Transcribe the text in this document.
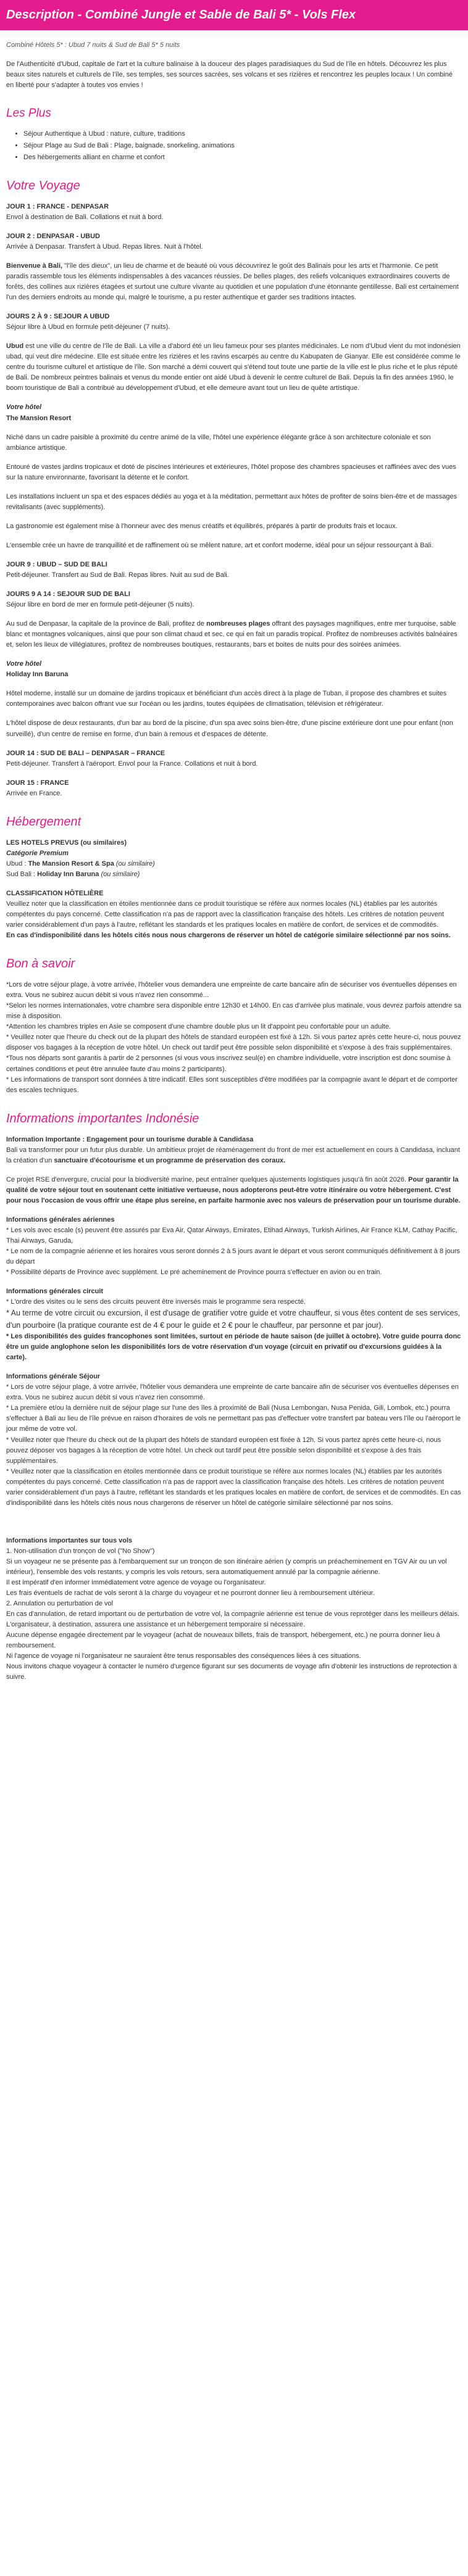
Description - Combiné Jungle et Sable de Bali 5* - Vols Flex

Combiné Hôtels 5* : Ubud 7 nuits & Sud de Bali 5* 5 nuits

De l'Authenticité d'Ubud, capitale de l'art et la culture balinaise à la douceur des plages paradisiaques du Sud de l'île en hôtels. Découvrez les plus beaux sites naturels et culturels de l'île, ses temples, ses sources sacrées, ses volcans et ses rizières et rencontrez les peuples locaux ! Un combiné en liberté pour s'adapter à toutes vos envies !

Les Plus
• Séjour Authentique à Ubud : nature, culture, traditions
• Séjour Plage au Sud de Bali : Plage, baignade, snorkeling, animations
• Des hébergements alliant en charme et confort
Votre Voyage

JOUR 1 : FRANCE - DENPASAR

Envol à destination de Bali. Collations et nuit à bord.

JOUR 2 : DENPASAR - UBUD

Arrivée à Denpasar. Transfert à Ubud. Repas libres. Nuit à l'hôtel.

Bienvenue à Bali, "l'île des dieux", un lieu de charme et de beauté où vous découvrirez le goût des Balinais pour les arts et l'harmonie. Ce petit paradis rassemble tous les éléments indispensables à des vacances réussies. De belles plages, des reliefs volcaniques extraordinaires couverts de forêts, des collines aux rizières étagées et surtout une culture vivante au quotidien et une population d'une étonnante gentillesse. Bali est certainement l'un des derniers endroits au monde qui, malgré le tourisme, a pu rester authentique et garder ses traditions intactes.

JOURS 2 À 9 : SEJOUR A UBUD

Séjour libre à Ubud en formule petit-déjeuner (7 nuits).

Ubud est une ville du centre de l'île de Bali. La ville a d'abord été un lieu fameux pour ses plantes médicinales. Le nom d'Ubud vient du mot indonésien ubad, qui veut dire médecine. Elle est située entre les rizières et les ravins escarpés au centre du Kabupaten de Gianyar. Elle est considérée comme le centre du tourisme culturel et artistique de l'île. Son marché a démi couvert qui s'étend tout toute une partie de la ville est le plus riche et le plus réputé de Bali. De nombreux peintres balinais et venus du monde entier ont aidé Ubud à devenir le centre culturel de Bali. Depuis la fin des années 1960, le boom touristique de Bali a contribué au développement d'Ubud, et elle demeure avant tout un lieu de quête artistique.

Votre hôtel

The Mansion Resort

Niché dans un cadre paisible à proximité du centre animé de la ville, l'hôtel une expérience élégante grâce à son architecture coloniale et son ambiance artistique.

Entouré de vastes jardins tropicaux et doté de piscines intérieures et extérieures, l'hôtel propose des chambres spacieuses et raffinées avec des vues sur la nature environnante, favorisant la détente et le confort.

Les installations incluent un spa et des espaces dédiés au yoga et à la méditation, permettant aux hôtes de profiter de soins bien-être et de massages revitalisants (avec suppléments).

La gastronomie est également mise à l'honneur avec des menus créatifs et équilibrés, préparés à partir de produits frais et locaux.

L'ensemble crée un havre de tranquillité et de raffinement où se mêlent nature, art et confort moderne, idéal pour un séjour ressourçant à Bali.

JOUR 9 : UBUD – SUD DE BALI

Petit-déjeuner. Transfert au Sud de Bali. Repas libres. Nuit au sud de Bali.

JOURS 9 A 14 : SEJOUR SUD DE BALI

Séjour libre en bord de mer en formule petit-déjeuner (5 nuits).

Au sud de Denpasar, la capitale de la province de Bali, profitez de nombreuses plages offrant des paysages magnifiques, entre mer turquoise, sable blanc et montagnes volcaniques, ainsi que pour son climat chaud et sec, ce qui en fait un paradis tropical. Profitez de nombreuses activités balnéaires et, selon les lieux de villégiatures, profitez de nombreuses boutiques, restaurants, bars et boites de nuits pour des soirées animées.

Votre hôtel

Holiday Inn Baruna

Hôtel moderne, installé sur un domaine de jardins tropicaux et bénéficiant d'un accès direct à la plage de Tuban, il propose des chambres et suites contemporaines avec balcon offrant vue sur l'océan ou les jardins, toutes équipées de climatisation, télévision et réfrigérateur.

L'hôtel dispose de deux restaurants, d'un bar au bord de la piscine, d'un spa avec soins bien-être, d'une piscine extérieure dont une pour enfant (non surveillé), d'un centre de remise en forme, d'un bain à remous et d'espaces de détente.

JOUR 14 : SUD DE BALI – DENPASAR – FRANCE

Petit-déjeuner. Transfert à l'aéroport. Envol pour la France. Collations et nuit à bord.

JOUR 15 : FRANCE

Arrivée en France.

Hébergement

LES HOTELS PREVUS (ou similaires)

Catégorie Premium

Ubud : The Mansion Resort & Spa (ou similaire)

Sud Bali : Holiday Inn Baruna (ou similaire)

CLASSIFICATION HÔTELIÈRE

Veuillez noter que la classification en étoiles mentionnée dans ce produit touristique se réfère aux normes locales (NL) établies par les autorités compétentes du pays concerné. Cette classification n'a pas de rapport avec la classification française des hôtels. Les critères de notation peuvent varier considérablement d'un pays à l'autre, reflétant les standards et les pratiques locales en matière de confort, de services et de commodités.
En cas d'indisponibilité dans les hôtels cités nous nous chargerons de réserver un hôtel de catégorie similaire sélectionné par nos soins.

Bon à savoir

*Lors de votre séjour plage, à votre arrivée, l'hôtelier vous demandera une empreinte de carte bancaire afin de sécuriser vos éventuelles dépenses en extra. Vous ne subirez aucun débit si vous n'avez rien consommé...

*Selon les normes internationales, votre chambre sera disponible entre 12h30 et 14h00. En cas d'arrivée plus matinale, vous devrez parfois attendre sa mise à disposition.

*Attention les chambres triples en Asie se composent d'une chambre double plus un lit d'appoint peu confortable pour un adulte.

* Veuillez noter que l'heure du check out de la plupart des hôtels de standard européen est fixé à 12h. Si vous partez après cette heure-ci, nous pouvez disposer vos bagages à la réception de votre hôtel. Un check out tardif peut être possible selon disponibilité et s'expose à des frais supplémentaires.

*Tous nos départs sont garantis à partir de 2 personnes (si vous vous inscrivez seul(e) en chambre individuelle, votre inscription est donc soumise à certaines conditions et peut être annulée faute d'au moins 2 participants).

* Les informations de transport sont données à titre indicatif. Elles sont susceptibles d'être modifiées par la compagnie avant le départ et de comporter des escales techniques.

Informations importantes Indonésie

Information Importante : Engagement pour un tourisme durable à Candidasa

Bali va transformer pour un futur plus durable. Un ambitieux projet de réaménagement du front de mer est actuellement en cours à Candidasa, incluant la création d'un sanctuaire d'écotourisme et un programme de préservation des coraux.

Ce projet RSE d'envergure, crucial pour la biodiversité marine, peut entraîner quelques ajustements logistiques jusqu'à fin août 2026. Pour garantir la qualité de votre séjour tout en soutenant cette initiative vertueuse, nous adopterons peut-être votre itinéraire ou votre hébergement. C'est pour nous l'occasion de vous offrir une étape plus sereine, en parfaite harmonie avec nos valeurs de préservation pour un tourisme durable.

Informations générales aériennes

* Les vols avec escale (s) peuvent être assurés par Eva Air, Qatar Airways, Emirates, Etihad Airways, Turkish Airlines, Air France KLM, Cathay Pacific, Thai Airways, Garuda,

* Le nom de la compagnie aérienne et les horaires vous seront donnés 2 à 5 jours avant le départ et vous seront communiqués définitivement à 8 jours du départ

* Possibilité départs de Province avec supplément. Le pré acheminement de Province pourra s'effectuer en avion ou en train.

Informations générales circuit

* L'ordre des visites ou le sens des circuits peuvent être inversés mais le programme sera respecté.

* Au terme de votre circuit ou excursion, il est d'usage de gratifier votre guide et votre chauffeur, si vous êtes content de ses services, d'un pourboire (la pratique courante est de 4 € pour le guide et 2 € pour le chauffeur, par personne et par jour).

* Les disponibilités des guides francophones sont limitées, surtout en période de haute saison (de juillet à octobre). Votre guide pourra donc être un guide anglophone selon les disponibilités lors de votre réservation d'un voyage (circuit en privatif ou d'excursions guidées à la carte).

Informations générale Séjour

* Lors de votre séjour plage, à votre arrivée, l'hôtelier vous demandera une empreinte de carte bancaire afin de sécuriser vos éventuelles dépenses en extra. Vous ne subirez aucun débit si vous n'avez rien consommé.

* La première et/ou la dernière nuit de séjour plage sur l'une des îles à proximité de Bali (Nusa Lembongan, Nusa Penida, Gili, Lombok, etc.) pourra s'effectuer à Bali au lieu de l'île prévue en raison d'horaires de vols ne permettant pas pas d'effectuer votre transfert par bateau vers l'île ou l'aéroport le jour même de votre vol.

* Veuillez noter que l'heure du check out de la plupart des hôtels de standard européen est fixée à 12h. Si vous partez après cette heure-ci, nous pouvez déposer vos bagages à la réception de votre hôtel. Un check out tardif peut être possible selon disponibilité et s'expose à des frais supplémentaires.

* Veuillez noter que la classification en étoiles mentionnée dans ce produit touristique se réfère aux normes locales (NL) établies par les autorités compétentes du pays concerné. Cette classification n'a pas de rapport avec la classification française des hôtels. Les critères de notation peuvent varier considérablement d'un pays à l'autre, reflétant les standards et les pratiques locales en matière de confort, de services et de commodités. En cas d'indisponibilité dans les hôtels cités nous nous chargerons de réserver un hôtel de catégorie similaire sélectionné par nos soins.

Informations importantes sur tous vols

1. Non-utilisation d'un tronçon de vol ("No Show")

Si un voyageur ne se présente pas à l'embarquement sur un tronçon de son itinéraire aérien (y compris un préacheminement en TGV Air ou un vol intérieur), l'ensemble des vols restants, y compris les vols retours, sera automatiquement annulé par la compagnie aérienne.

Il est impératif d'en informer immédiatement votre agence de voyage ou l'organisateur.

Les frais éventuels de rachat de vols seront à la charge du voyageur et ne pourront donner lieu à remboursement ultérieur.

2. Annulation ou perturbation de vol

En cas d'annulation, de retard important ou de perturbation de votre vol, la compagnie aérienne est tenue de vous reprotéger dans les meilleurs délais.

L'organisateur, à destination, assurera une assistance et un hébergement temporaire si nécessaire.

Aucune dépense engagée directement par le voyageur (achat de nouveaux billets, frais de transport, hébergement, etc.) ne pourra donner lieu à remboursement.

Ni l'agence de voyage ni l'organisateur ne sauraient être tenus responsables des conséquences liées à ces situations.

Nous invitons chaque voyageur à contacter le numéro d'urgence figurant sur ses documents de voyage afin d'obtenir les instructions de reprotection à suivre.
